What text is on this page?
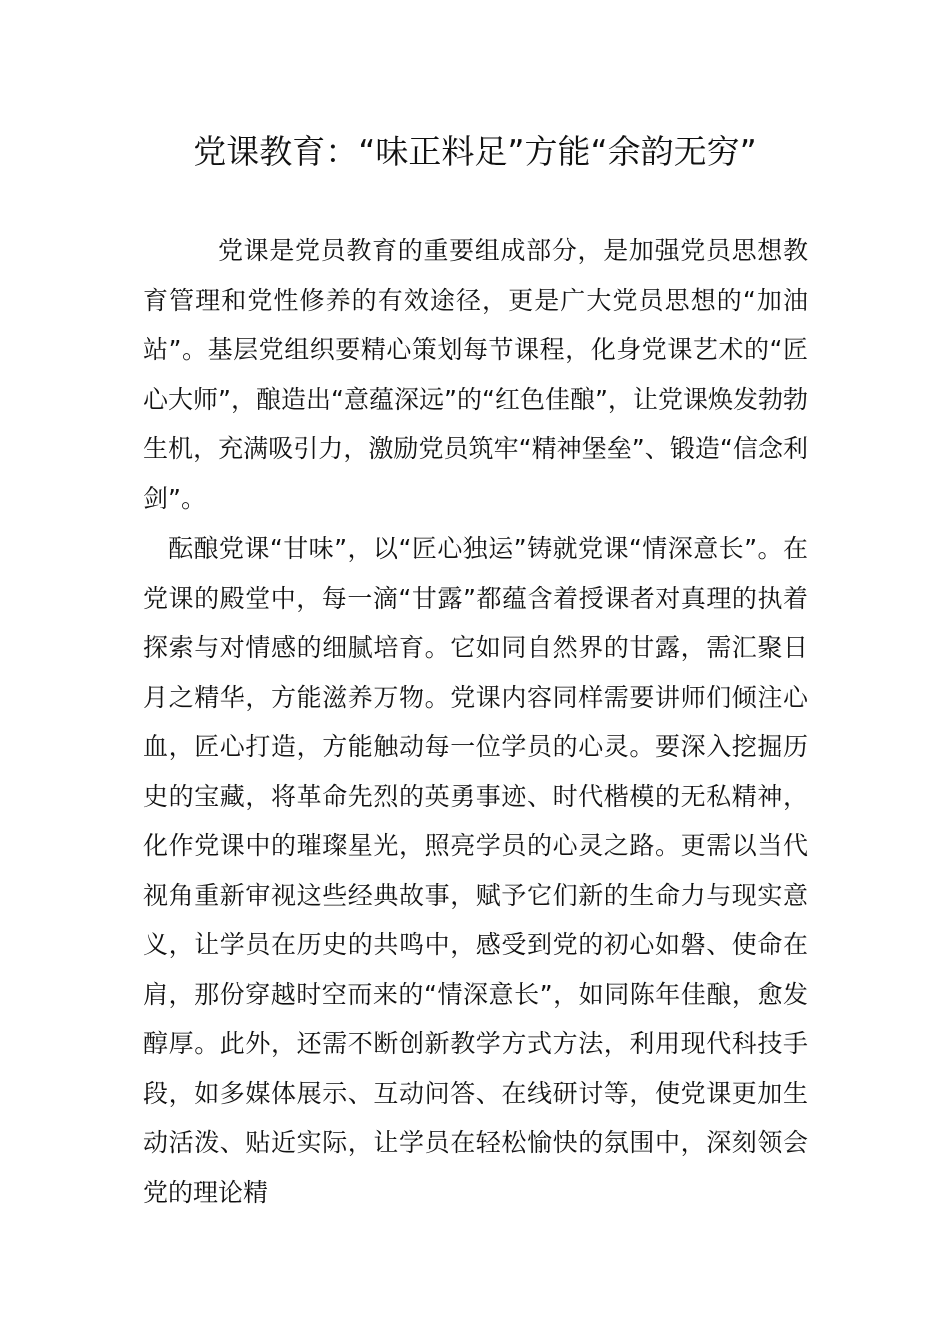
党课教育：“味正料足”方能“余韵无穷”

党课是党员教育的重要组成部分，是加强党员思想教育管理和党性修养的有效途径，更是广大党员思想的“加油站”。基层党组织要精心策划每节课程，化身党课艺术的“匠心大师”，酿造出“意蕴深远”的“红色佳酿”，让党课焕发勃勃生机，充满吸引力，激励党员筑牢“精神堡垒”、锻造“信念利剑”。

酝酿党课“甘味”，以“匠心独运”铸就党课“情深意长”。在党课的殿堂中，每一滴“甘露”都蕴含着授课者对真理的执着探索与对情感的细腻培育。它如同自然界的甘露，需汇聚日月之精华，方能滋养万物。党课内容同样需要讲师们倾注心血，匠心打造，方能触动每一位学员的心灵。要深入挖掘历史的宝藏，将革命先烈的英勇事迹、时代楷模的无私精神，化作党课中的璀璨星光，照亮学员的心灵之路。更需以当代视角重新审视这些经典故事，赋予它们新的生命力与现实意义，让学员在历史的共鸣中，感受到党的初心如磐、使命在肩，那份穿越时空而来的“情深意长”，如同陈年佳酿，愈发醇厚。此外，还需不断创新教学方式方法，利用现代科技手段，如多媒体展示、互动问答、在线研讨等，使党课更加生动活泼、贴近实际，让学员在轻松愉快的氛围中，深刻领会党的理论精
